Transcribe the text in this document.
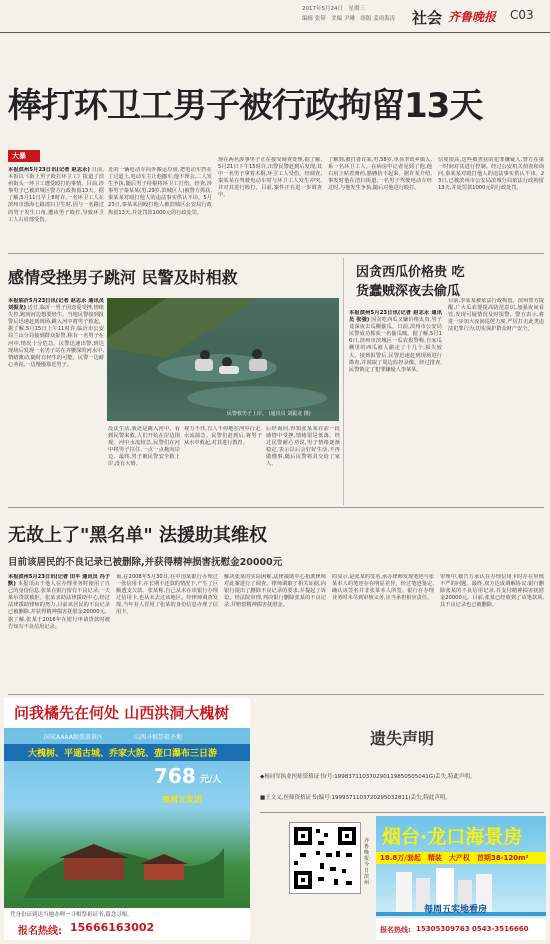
2017年5月24日　星期三
编辑 张幂　美编 尹琳　组版 姜雨海涛 社会 齐鲁晚报 C03
棒打环卫工男子被行政拘留13天
大暴
本报滨州5月23日讯(记者 赵志永) 日前,本报以《街上男子殴打环卫工》报道了滨州街头一环卫工遭受殴打的事情。目前,涉事男子已被滨城区警方行政拘留13天。据了解,5月11日早上8时许,一名环卫工人在滨州市渤海七路清扫卫生时,因与一名路过的男子发生口角,遭该男子殴打,导致环卫工人右肩部受伤。
近的一辆电动车向外搬运垃圾,把电动车挡在了过道上,电动车主让他挪车,他不理会,二人发生争执,随后男子持棍将环卫工打伤。经查,涉事男子秦某某(男,29岁,滨城区人)被警方抓获,秦某某对殴打他人的违法事实供认不讳。5月23日,秦某某因殴打他人被滨城区公安局行政拘留13天,并处罚款1000元的行政处罚。
现在两名涉事男子正在接受调查处理,据了解,5月21日下午15时许,出警民警赶到后发现,其中一名男子拿着木棍,环卫工人受伤。经调查,秦某某在驾驶电动车时与环卫工人发生冲突,并对其进行殴打。目前,案件正在进一步调查中。
了解到,被打者许某,男,58岁,单县李田乡镇人,系一名环卫工人。在病房中记者见到了他,他右肩上贴着膏药,胳膊抬不起来。据许某介绍,事发时他在清扫街道,一名男子驾驶电动车经过时,与他发生争执,随后对他进行殴打。
信度很高,这些被查获的犯罪嫌疑人,警方在第一时间对其进行控制。经过公安机关侦查和询问,秦某某对殴打他人的违法事实供认不讳。23日,已被滨州市公安局滨城分局依法行政拘留13天,并处罚款1000元的行政处罚。
感情受挫男子跳河 民警及时相救
本报临沂5月23日讯(记者 赵志永 通讯员 刘振龙) 近日,临沂一男子因恋爱受挫,情绪失控,跑到河边想要轻生。当地民警接到报警后迅速赶到现场,跳入河中将男子救起。据了解,5月15日上午11时许,临沂市公安局兰山分局接到群众报警,称有一名男子在河中,情况十分危急。民警迅速出警,到达现场后发现一名男子站在齐腰深的河水中,情绪激动,随时有轻生的可能。民警一边耐心劝说,一边慢慢靠近男子。
民警救男子上岸。 (通讯员 刘振龙 摄)
没法生活,我还是跳入河中。看到民警来救,人们开始在岸边围观。河中水流较急,民警们在河中将男子拉住,一点一点拖向岸边。最终,男子被民警安全救上岸,没有大碍。
视力不佳,有人不停地在河中行走,水流湍急。民警们赶到后,将男子从水中救起,对其进行教育。
后经询问,得知张某某在前一段感情中受挫,情绪很是低落。经过民警耐心劝说,男子情绪逐渐稳定,表示以后会好好生活,不再做傻事,随后民警将其交给了家人。
因贪西瓜价格贵 吃货蠢贼深夜去偷瓜
本报滨州5月23日讯(记者 赵志永 通讯员 张强) 因贪吃西瓜又嫌价格太贵,男子竟深夜去瓜棚偷瓜。日前,滨州市公安局民警成功抓获一名偷瓜贼。据了解,5月16日,滨州市滨城区一瓜农报警称,自家瓜棚里的西瓜被人偷走了十几个,损失较大。接到报警后,民警迅速赶到现场进行勘查,并调取了周边监控录像。经过排查,民警锁定了犯罪嫌疑人李某某。
目前,李某某被依法行政拘留。滨州警方提醒,广大瓜农要提高防范意识,加强夜间看管,发现可疑情况及时报警。警方表示,将进一步加大夜间巡逻力度,严厉打击此类违法犯罪行为,切实保护群众财产安全。
无故上了"黑名单" 法援助其维权
目前该居民的不良记录已被删除,并获得精神损害抚慰金20000元
本报滨州5月23日讯(记者 田平 通讯员 冯子默) 本报讯由于他人在办理业务时使用了自己的身份信息,张某在银行留有不良记录,一夫莱尔贷款被拒。张某求助法律援助中心,经过法律援助律师的努力,目前该居民的不良记录已被删除,并获得精神损害抚慰金20000元。据了解,张某于2016年在银行申请贷款时被告知有不良信用记录。
询,在2008年5月30日,在中国某银行办理过一张信用卡,在长期不还款的情况下,产生了巨额透支欠款。张某称,自己从未在该银行办理过信用卡,也从未去过该地区。经律师调查发现,当年有人冒用了张某的身份信息办理了信用卡。
解决张某的实际困难,法律援助中心指派律师对此案进行了调查。律师调取了相关证据,向银行提出了删除不良记录的要求,并提起了诉讼。经法院审理,判决银行删除张某的不良记录,并赔偿精神损害抚慰金。
的显示,是张某的签名,承办律师发现笔迹与张某本人的笔迹存在明显差异。经过笔迹鉴定,确认该签名并非张某本人所签。银行在办理业务时未尽到审核义务,应当承担相应责任。
审理中,被告方承认在办理信用卡时存在审核不严的问题。最终,双方达成调解协议:银行删除张某的不良信用记录,并支付精神损害抚慰金20000元。目前,张某已经收到了该笔款项,其不良记录也已被删除。
问我橘先在何处 山西洪洞大槐树
国家AAAA级旅游景区	山西寻根祭祖圣地
大槐树、平遥古城、乔家大院、壶口瀑布三日游
768 元/人
每周五发团
凭身份证到达当地办理一寻根祭祖证书,留念寻根。
报名热线: 15666163002
遗失声明
◆杨同军执业医师资格证书(号:199837110370290119850505041G)丢失,特此声明。
■王文义,医师资格证书(编号:1999371103720295032811)丢失,特此声明。
齐鲁晚报·今日滨州
烟台·龙口海景房
18.8万/套起　精装　大产权　首期38-120m²
每周五实地看房
报名热线: 15305309763 0543-3516660
